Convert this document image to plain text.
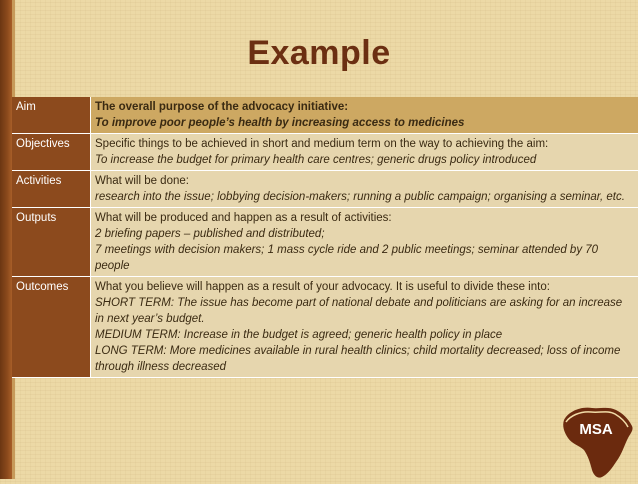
Example
Aim	The overall purpose of the advocacy initiative:
To improve poor people’s health by increasing access to medicines

Objectives	Specific things to be achieved in short and medium term on the way to achieving the aim:
To increase the budget for primary health care centres; generic drugs policy introduced

Activities	What will be done:
research into the issue; lobbying decision-makers; running a public campaign; organising a seminar, etc.

Outputs	What will be produced and happen as a result of activities:
2 briefing papers – published and distributed;
7 meetings with decision makers; 1 mass cycle ride and 2 public meetings; seminar attended by 70 people

Outcomes	What you believe will happen as a result of your advocacy. It is useful to divide these into:
SHORT TERM: The issue has become part of national debate and politicians are asking for an increase in next year’s budget.
MEDIUM TERM: Increase in the budget is agreed; generic health policy in place
LONG TERM: More medicines available in rural health clinics; child mortality decreased; loss of income through illness decreased
MSA
